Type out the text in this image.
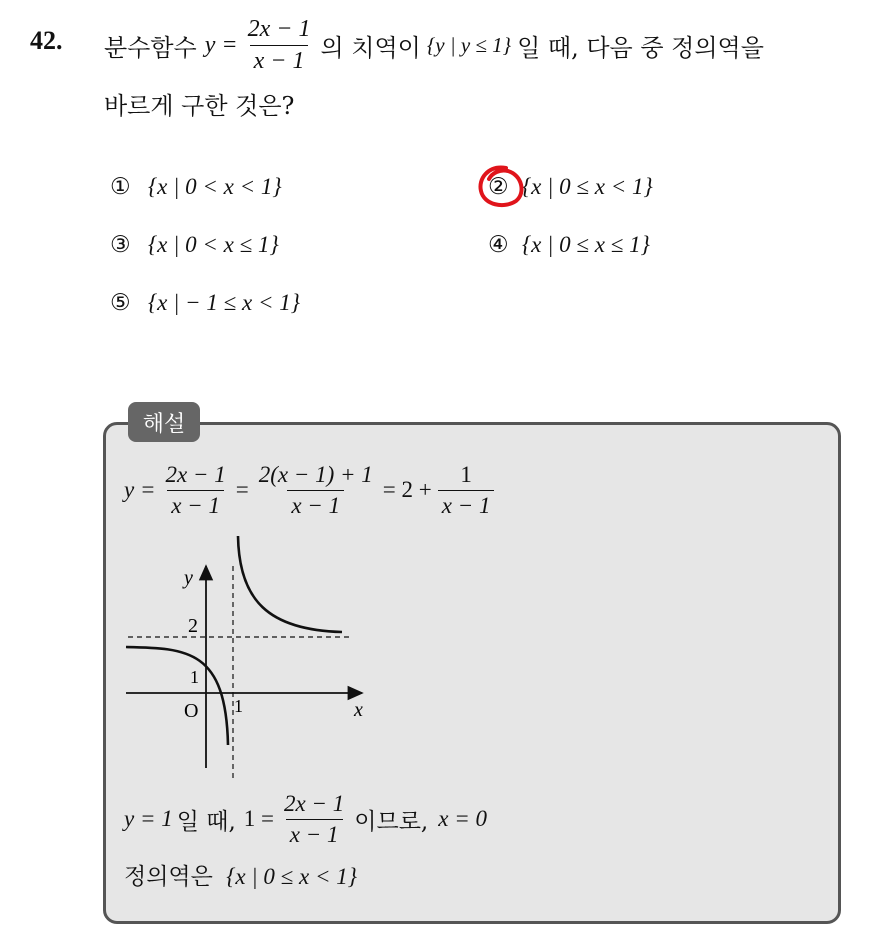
42. 분수함수 $y = \frac{2x - 1}{x - 1}$ 의 치역이 {y | y ≤ 1} 일 때, 다음 중 정의역을
바르게 구한 것은?
① {x | 0 < x < 1}	② {x | 0 ≤ x < 1}
③ {x | 0 < x ≤ 1}	④ {x | 0 ≤ x ≤ 1}
⑤ {x | − 1 ≤ x < 1}
해설
$y = \frac{2x - 1}{x - 1} = \frac{2(x - 1) + 1}{x - 1} = 2 + \frac{1}{x - 1}$
y
x
O 1
1
2
y = 1 일 때, $1 = \frac{2x - 1}{x - 1}$ 이므로, x = 0
정의역은 {x | 0 ≤ x < 1}
